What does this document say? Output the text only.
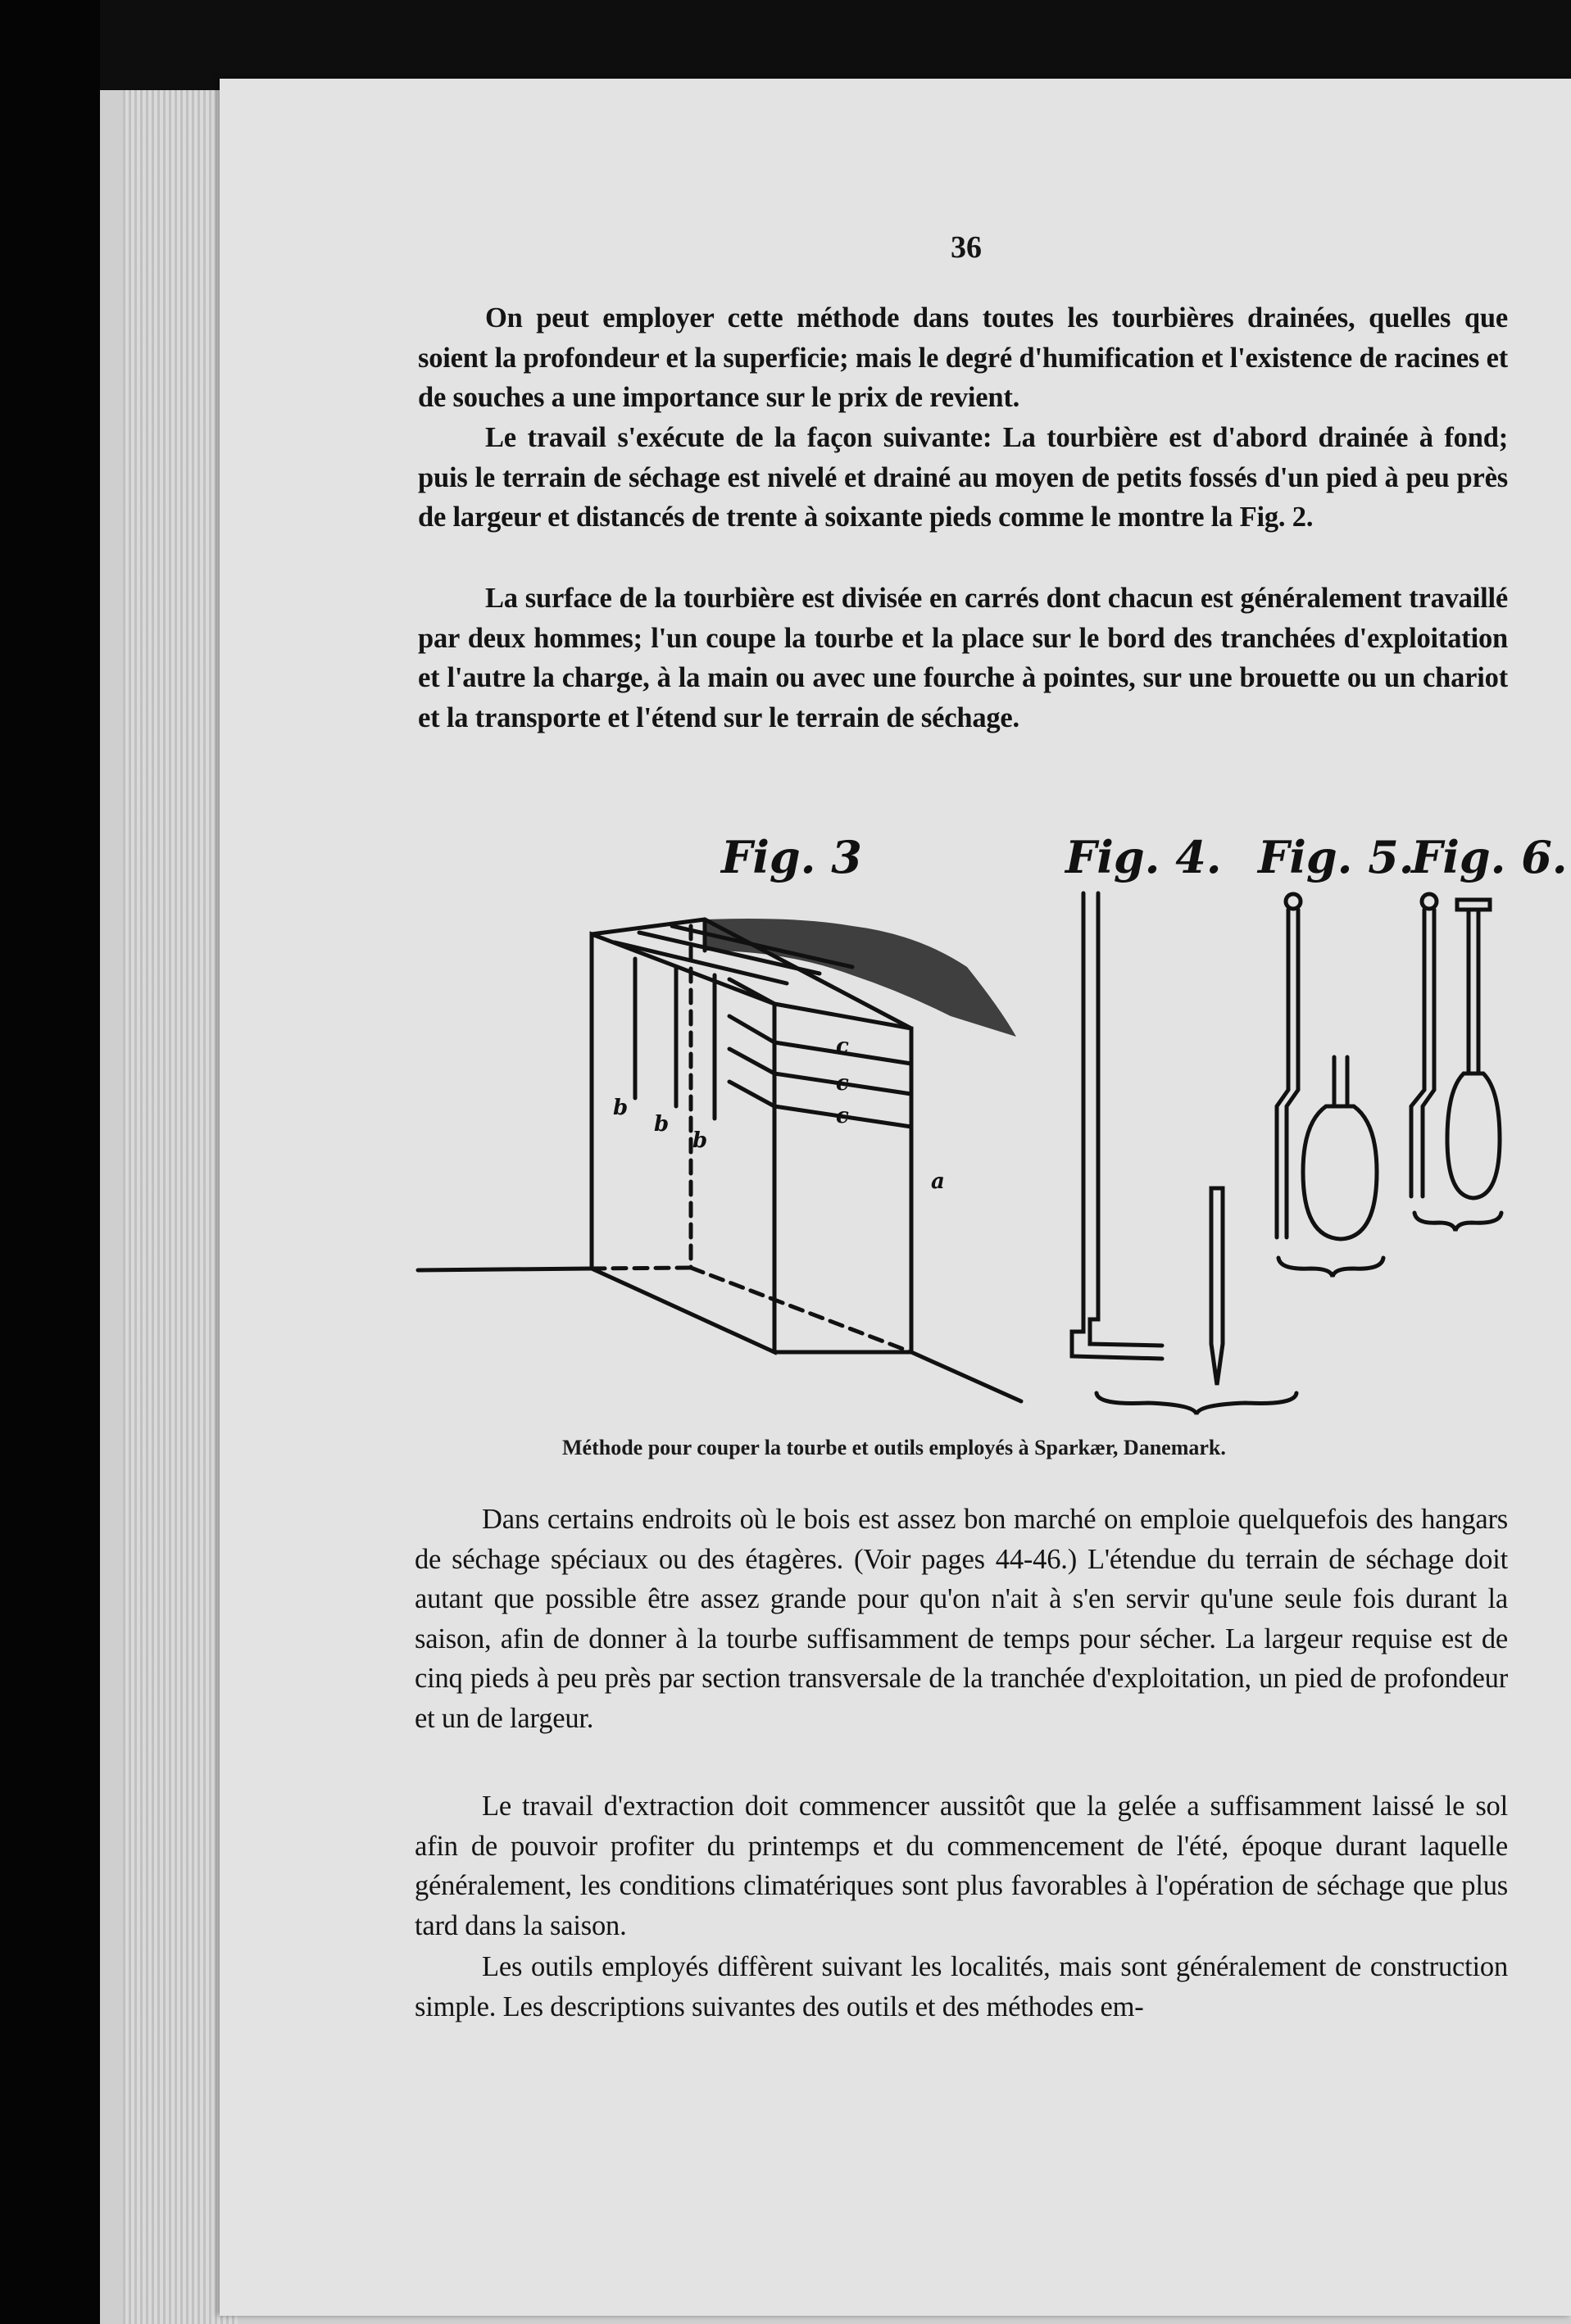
36

On peut employer cette méthode dans toutes les tourbières drainées, quelles que soient la profondeur et la superficie; mais le degré d'humification et l'existence de racines et de souches a une importance sur le prix de revient.

Le travail s'exécute de la façon suivante: La tourbière est d'abord drainée à fond; puis le terrain de séchage est nivelé et drainé au moyen de petits fossés d'un pied à peu près de largeur et distancés de trente à soixante pieds comme le montre la Fig. 2.

La surface de la tourbière est divisée en carrés dont chacun est généralement travaillé par deux hommes; l'un coupe la tourbe et la place sur le bord des tranchées d'exploitation et l'autre la charge, à la main ou avec une fourche à pointes, sur une brouette ou un chariot et la transporte et l'étend sur le terrain de séchage.

Fig. 3	Fig. 4. Fig. 5.
Fig. 6.
a
b
b
b
c
c
c
Méthode pour couper la tourbe et outils employés à Sparkær, Danemark.

Dans certains endroits où le bois est assez bon marché on emploie quelquefois des hangars de séchage spéciaux ou des étagères. (Voir pages 44-46.) L'étendue du terrain de séchage doit autant que possible être assez grande pour qu'on n'ait à s'en servir qu'une seule fois durant la saison, afin de donner à la tourbe suffisamment de temps pour sécher. La largeur requise est de cinq pieds à peu près par section transversale de la tranchée d'exploitation, un pied de profondeur et un de largeur.

Le travail d'extraction doit commencer aussitôt que la gelée a suffisamment laissé le sol afin de pouvoir profiter du printemps et du commencement de l'été, époque durant laquelle généralement, les conditions climatériques sont plus favorables à l'opération de séchage que plus tard dans la saison.

Les outils employés diffèrent suivant les localités, mais sont généralement de construction simple. Les descriptions suivantes des outils et des méthodes em-
